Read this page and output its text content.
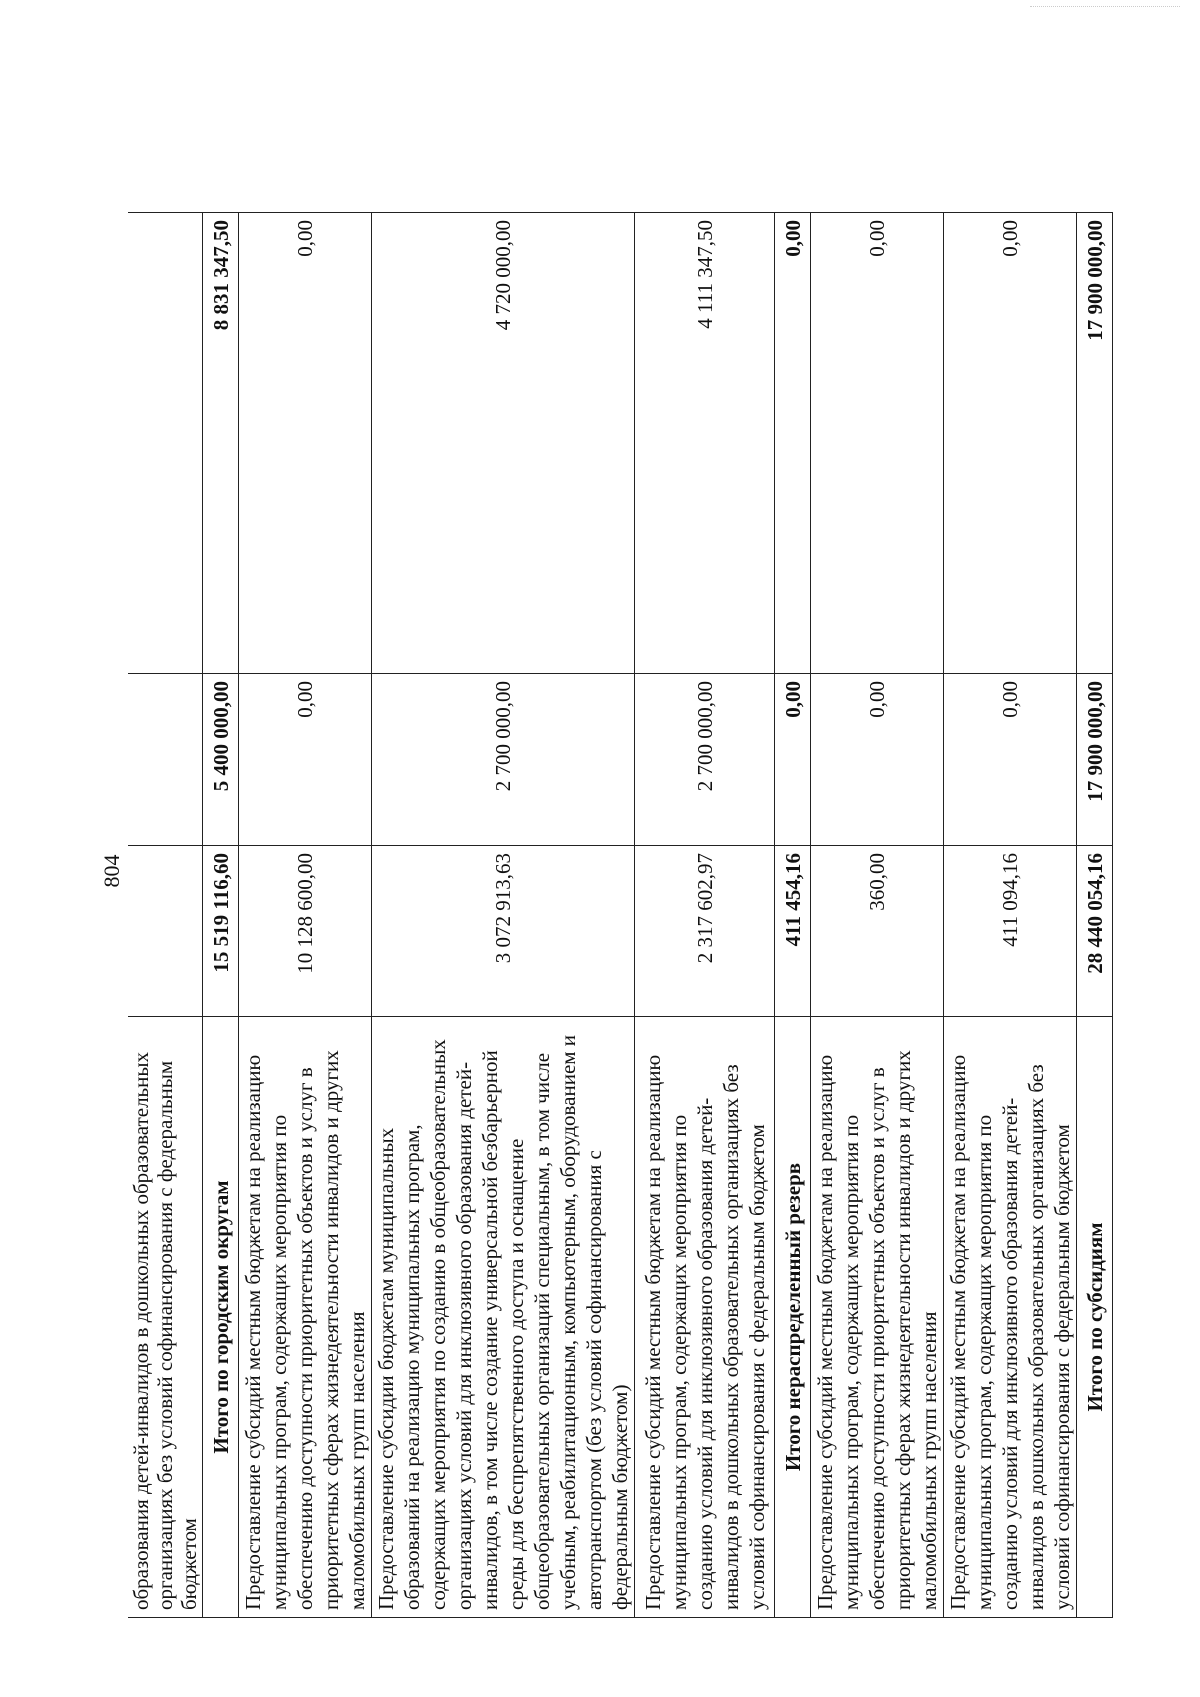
804
образования детей-инвалидов в дошкольных образовательных организациях без условий софинансирования с федеральным бюджетом			
Итого по городским округам	15 519 116,60	5 400 000,00	8 831 347,50
Предоставление субсидий местным бюджетам на реализацию муниципальных програм, содержащих мероприятия по обеспечению доступности приоритетных объектов и услуг в приоритетных сферах жизнедеятельности инвалидов и других маломобильных групп населения	10 128 600,00	0,00	0,00
Предоставление субсидии бюджетам муниципальных образований на реализацию муниципальных програм, содержащих мероприятия по созданию в общеобразовательных организациях условий для инклюзивного образования детей-инвалидов, в том числе создание универсальной безбарьерной среды для беспрепятственного доступа и оснащение общеобразовательных организаций специальным, в том числе учебным, реабилитационным, компьютерным, оборудованием и автотранспортом (без условий софинансирования с федеральным бюджетом)	3 072 913,63	2 700 000,00	4 720 000,00
Предоставление субсидий местным бюджетам на реализацию муниципальных програм, содержащих мероприятия по созданию условий для инклюзивного образования детей-инвалидов в дошкольных образовательных организациях без условий софинансирования с федеральным бюджетом	2 317 602,97	2 700 000,00	4 111 347,50
Итого нераспределенный резерв	411 454,16	0,00	0,00
Предоставление субсидий местным бюджетам на реализацию муниципальных програм, содержащих мероприятия по обеспечению доступности приоритетных объектов и услуг в приоритетных сферах жизнедеятельности инвалидов и других маломобильных групп населения	360,00	0,00	0,00
Предоставление субсидий местным бюджетам на реализацию муниципальных програм, содержащих мероприятия по созданию условий для инклюзивного образования детей-инвалидов в дошкольных образовательных организациях без условий софинансирования с федеральным бюджетом	411 094,16	0,00	0,00
Итого по субсидиям	28 440 054,16	17 900 000,00	17 900 000,00
